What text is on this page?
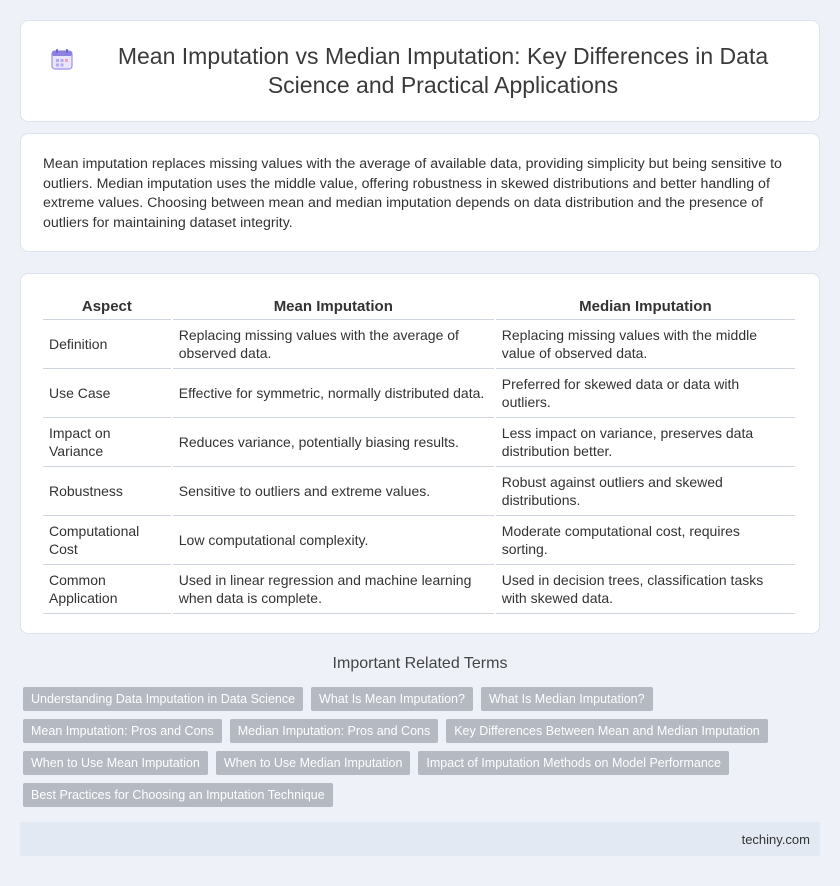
Mean Imputation vs Median Imputation: Key Differences in Data Science and Practical Applications

Mean imputation replaces missing values with the average of available data, providing simplicity but being sensitive to outliers. Median imputation uses the middle value, offering robustness in skewed distributions and better handling of extreme values. Choosing between mean and median imputation depends on data distribution and the presence of outliers for maintaining dataset integrity.

Aspect	Mean Imputation	Median Imputation
Definition	Replacing missing values with the average of observed data.	Replacing missing values with the middle value of observed data.
Use Case	Effective for symmetric, normally distributed data.	Preferred for skewed data or data with outliers.
Impact on Variance	Reduces variance, potentially biasing results.	Less impact on variance, preserves data distribution better.
Robustness	Sensitive to outliers and extreme values.	Robust against outliers and skewed distributions.
Computational Cost	Low computational complexity.	Moderate computational cost, requires sorting.
Common Application	Used in linear regression and machine learning when data is complete.	Used in decision trees, classification tasks with skewed data.
Important Related Terms
Understanding Data Imputation in Data Science	What Is Mean Imputation?	What Is Median Imputation?
Mean Imputation: Pros and Cons	Median Imputation: Pros and Cons	Key Differences Between Mean and Median Imputation
When to Use Mean Imputation	When to Use Median Imputation	Impact of Imputation Methods on Model Performance
Best Practices for Choosing an Imputation Technique
techiny.com
